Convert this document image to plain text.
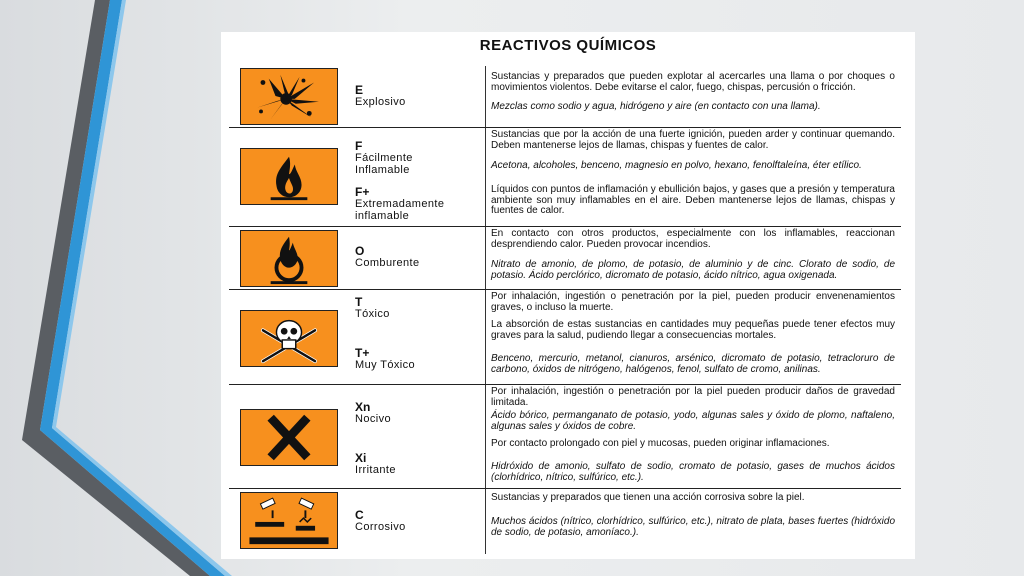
REACTIVOS QUÍMICOS
E
Explosivo
Sustancias y preparados que pueden explotar al acercarles una llama o por choques o movimientos violentos. Debe evitarse el calor, fuego, chispas, percusión o fricción.
Mezclas como sodio y agua, hidrógeno y aire (en contacto con una llama).
F
Fácilmente Inflamable
F+
Extremadamente inflamable
Sustancias que por la acción de una fuerte ignición, pueden arder y continuar quemando. Deben mantenerse lejos de llamas, chispas y fuentes de calor.
Acetona, alcoholes, benceno, magnesio en polvo, hexano, fenolftaleína, éter etílico.
Líquidos con puntos de inflamación y ebullición bajos, y gases que a presión y temperatura ambiente son muy inflamables en el aire. Deben mantenerse lejos de llamas, chispas y fuentes de calor.
O
Comburente
En contacto con otros productos, especialmente con los inflamables, reaccionan desprendiendo calor. Pueden provocar incendios.
Nitrato de amonio, de plomo, de potasio, de aluminio y de cinc. Clorato de sodio, de potasio. Ácido perclórico, dicromato de potasio, ácido nítrico, agua oxigenada.
T
Tóxico
T+
Muy Tóxico
Por inhalación, ingestión o penetración por la piel, pueden producir envenenamientos graves, o incluso la muerte.
La absorción de estas sustancias en cantidades muy pequeñas puede tener efectos muy graves para la salud, pudiendo llegar a consecuencias mortales.
Benceno, mercurio, metanol, cianuros, arsénico, dicromato de potasio, tetracloruro de carbono, óxidos de nitrógeno, halógenos, fenol, sulfato de cromo, anilinas.
Xn
Nocivo
Xi
Irritante
Por inhalación, ingestión o penetración por la piel pueden producir daños de gravedad limitada.
Ácido bórico, permanganato de potasio, yodo, algunas sales y óxido de plomo, naftaleno, algunas sales y óxidos de cobre.
Por contacto prolongado con piel y mucosas, pueden originar inflamaciones.
Hidróxido de amonio, sulfato de sodio, cromato de potasio, gases de muchos ácidos (clorhídrico, nítrico, sulfúrico, etc.).
C
Corrosivo
Sustancias y preparados que tienen una acción corrosiva sobre la piel.
Muchos ácidos (nítrico, clorhídrico, sulfúrico, etc.), nitrato de plata, bases fuertes (hidróxido de sodio, de potasio, amoníaco.).
